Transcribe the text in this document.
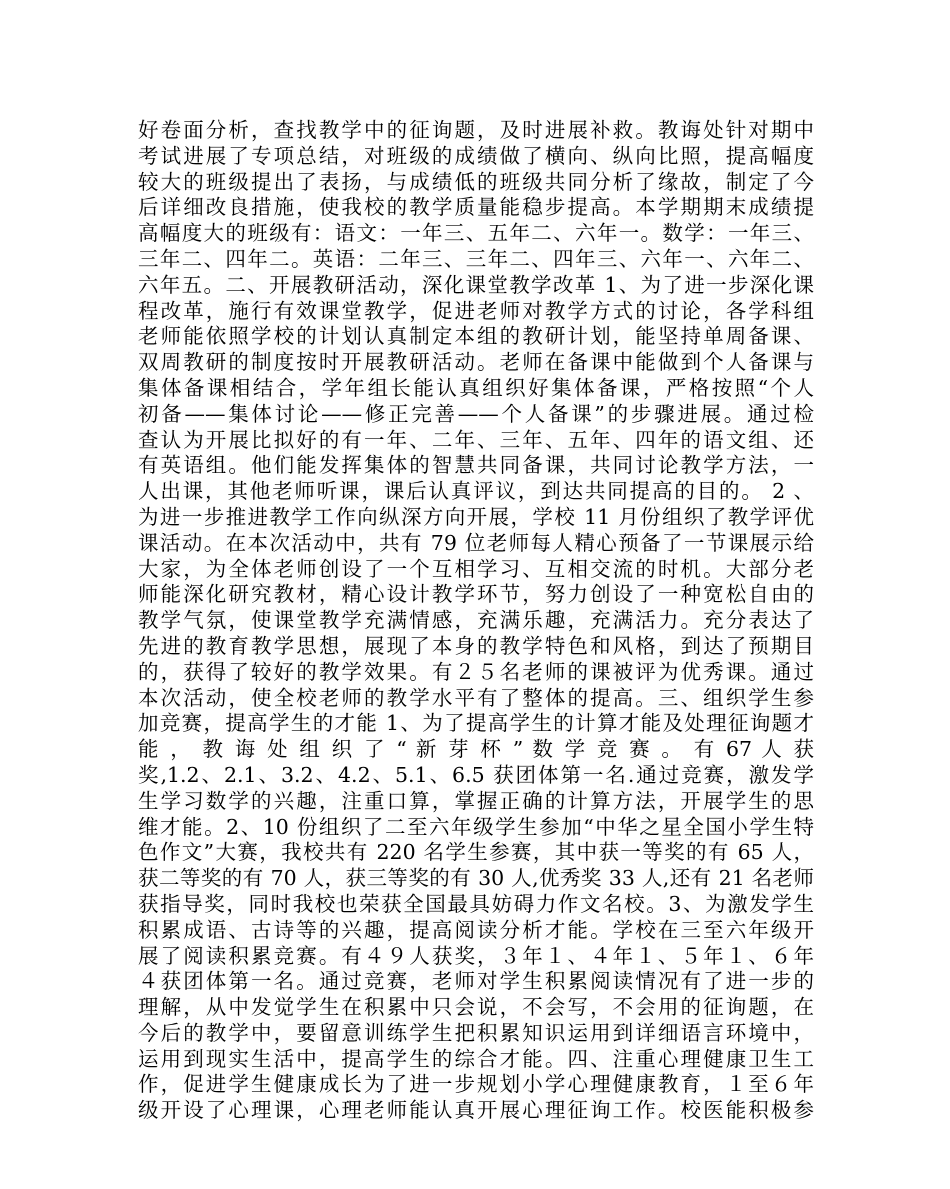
好卷面分析，查找教学中的征询题，及时进展补救。教诲处针对期中
考试进展了专项总结，对班级的成绩做了横向、纵向比照，提高幅度
较大的班级提出了表扬，与成绩低的班级共同分析了缘故，制定了今
后详细改良措施，使我校的教学质量能稳步提高。本学期期末成绩提
高幅度大的班级有：语文：一年三、五年二、六年一。数学：一年三、
三年二、四年二。英语：二年三、三年二、四年三、六年一、六年二、
六年五。二、开展教研活动，深化课堂教学改革 1、为了进一步深化课
程改革，施行有效课堂教学，促进老师对教学方式的讨论，各学科组
老师能依照学校的计划认真制定本组的教研计划，能坚持单周备课、
双周教研的制度按时开展教研活动。老师在备课中能做到个人备课与
集体备课相结合，学年组长能认真组织好集体备课，严格按照“个人
初备——集体讨论——修正完善——个人备课”的步骤进展。通过检
查认为开展比拟好的有一年、二年、三年、五年、四年的语文组、还
有英语组。他们能发挥集体的智慧共同备课，共同讨论教学方法，一
人出课，其他老师听课，课后认真评议，到达共同提高的目的。 2 、
为进一步推进教学工作向纵深方向开展，学校 11 月份组织了教学评优
课活动。在本次活动中，共有 79 位老师每人精心预备了一节课展示给
大家，为全体老师创设了一个互相学习、互相交流的时机。大部分老
师能深化研究教材，精心设计教学环节，努力创设了一种宽松自由的
教学气氛，使课堂教学充满情感，充满乐趣，充满活力。充分表达了
先进的教育教学思想，展现了本身的教学特色和风格，到达了预期目
的，获得了较好的教学效果。有２５名老师的课被评为优秀课。通过
本次活动，使全校老师的教学水平有了整体的提高。三、组织学生参
加竞赛，提高学生的才能 1、为了提高学生的计算才能及处理征询题才
能 ， 教 诲 处 组 织 了 “ 新 芽 杯 ” 数 学 竞 赛 。 有 67 人 获
奖,1.2、2.1、3.2、4.2、5.1、6.5 获团体第一名.通过竞赛，激发学
生学习数学的兴趣，注重口算，掌握正确的计算方法，开展学生的思
维才能。2、10 份组织了二至六年级学生参加“中华之星全国小学生特
色作文”大赛，我校共有 220 名学生参赛，其中获一等奖的有 65 人，
获二等奖的有 70 人，获三等奖的有 30 人,优秀奖 33 人,还有 21 名老师
获指导奖，同时我校也荣获全国最具妨碍力作文名校。3、为激发学生
积累成语、古诗等的兴趣，提高阅读分析才能。学校在三至六年级开
展了阅读积累竞赛。有４９人获奖，３年１、４年１、５年１、６年
４获团体第一名。通过竞赛，老师对学生积累阅读情况有了进一步的
理解，从中发觉学生在积累中只会说，不会写，不会用的征询题，在
今后的教学中，要留意训练学生把积累知识运用到详细语言环境中，
运用到现实生活中，提高学生的综合才能。四、注重心理健康卫生工
作，促进学生健康成长为了进一步规划小学心理健康教育，１至６年
级开设了心理课，心理老师能认真开展心理征询工作。校医能积极参
